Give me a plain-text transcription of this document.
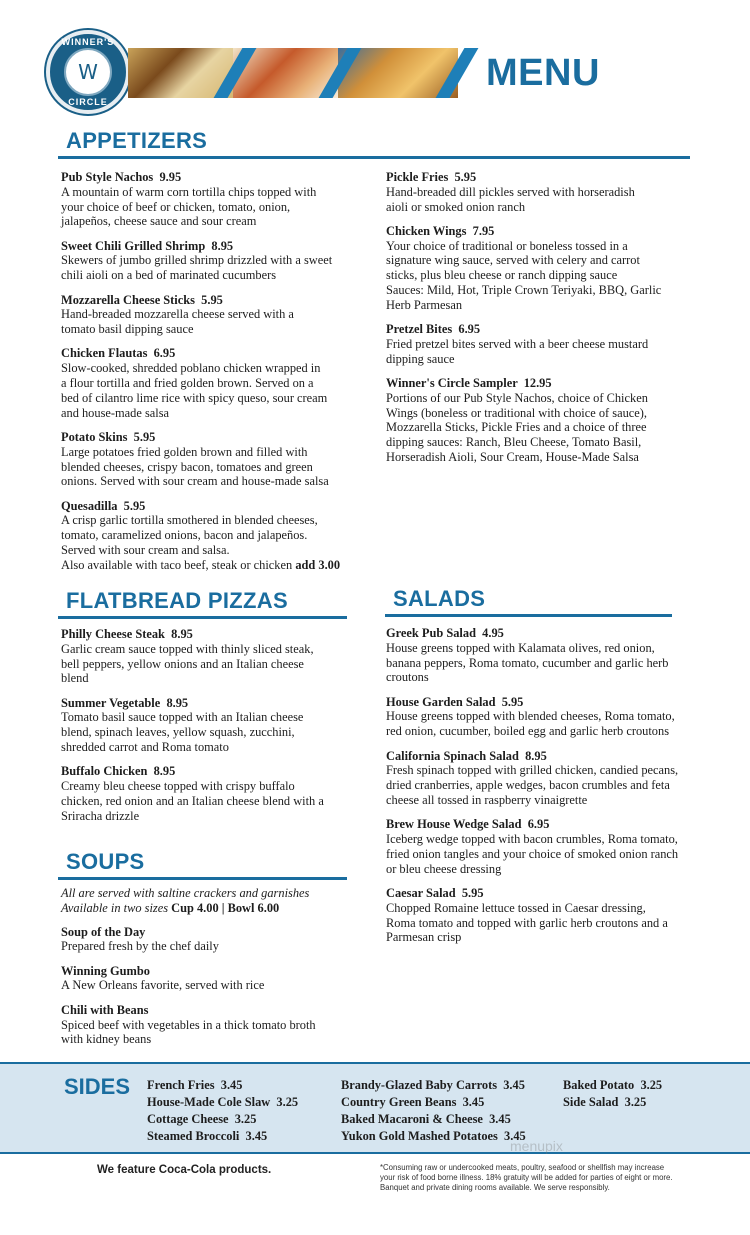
WINNER'S
W
CIRCLE
MENU
APPETIZERS
Pub Style Nachos 9.95
A mountain of warm corn tortilla chips topped with
your choice of beef or chicken, tomato, onion,
jalapeños, cheese sauce and sour cream
Sweet Chili Grilled Shrimp 8.95
Skewers of jumbo grilled shrimp drizzled with a sweet
chili aioli on a bed of marinated cucumbers
Mozzarella Cheese Sticks 5.95
Hand-breaded mozzarella cheese served with a
tomato basil dipping sauce
Chicken Flautas 6.95
Slow-cooked, shredded poblano chicken wrapped in
a flour tortilla and fried golden brown. Served on a
bed of cilantro lime rice with spicy queso, sour cream
and house-made salsa
Potato Skins 5.95
Large potatoes fried golden brown and filled with
blended cheeses, crispy bacon, tomatoes and green
onions. Served with sour cream and house-made salsa
Quesadilla 5.95
A crisp garlic tortilla smothered in blended cheeses,
tomato, caramelized onions, bacon and jalapeños.
Served with sour cream and salsa.
Also available with taco beef, steak or chicken add 3.00
Pickle Fries 5.95
Hand-breaded dill pickles served with horseradish
aioli or smoked onion ranch
Chicken Wings 7.95
Your choice of traditional or boneless tossed in a
signature wing sauce, served with celery and carrot
sticks, plus bleu cheese or ranch dipping sauce
Sauces: Mild, Hot, Triple Crown Teriyaki, BBQ, Garlic
Herb Parmesan
Pretzel Bites 6.95
Fried pretzel bites served with a beer cheese mustard
dipping sauce
Winner's Circle Sampler 12.95
Portions of our Pub Style Nachos, choice of Chicken
Wings (boneless or traditional with choice of sauce),
Mozzarella Sticks, Pickle Fries and a choice of three
dipping sauces: Ranch, Bleu Cheese, Tomato Basil,
Horseradish Aioli, Sour Cream, House-Made Salsa
FLATBREAD PIZZAS
Philly Cheese Steak 8.95
Garlic cream sauce topped with thinly sliced steak,
bell peppers, yellow onions and an Italian cheese
blend
Summer Vegetable 8.95
Tomato basil sauce topped with an Italian cheese
blend, spinach leaves, yellow squash, zucchini,
shredded carrot and Roma tomato
Buffalo Chicken 8.95
Creamy bleu cheese topped with crispy buffalo
chicken, red onion and an Italian cheese blend with a
Sriracha drizzle
SOUPS
All are served with saltine crackers and garnishes
Available in two sizes Cup 4.00 | Bowl 6.00
Soup of the Day
Prepared fresh by the chef daily
Winning Gumbo
A New Orleans favorite, served with rice
Chili with Beans
Spiced beef with vegetables in a thick tomato broth
with kidney beans
SALADS
Greek Pub Salad 4.95
House greens topped with Kalamata olives, red onion,
banana peppers, Roma tomato, cucumber and garlic herb
croutons
House Garden Salad 5.95
House greens topped with blended cheeses, Roma tomato,
red onion, cucumber, boiled egg and garlic herb croutons
California Spinach Salad 8.95
Fresh spinach topped with grilled chicken, candied pecans,
dried cranberries, apple wedges, bacon crumbles and feta
cheese all tossed in raspberry vinaigrette
Brew House Wedge Salad 6.95
Iceberg wedge topped with bacon crumbles, Roma tomato,
fried onion tangles and your choice of smoked onion ranch
or bleu cheese dressing
Caesar Salad 5.95
Chopped Romaine lettuce tossed in Caesar dressing,
Roma tomato and topped with garlic herb croutons and a
Parmesan crisp
SIDES French Fries  3.45
House-Made Cole Slaw  3.25
Cottage Cheese  3.25
Steamed Broccoli  3.45
Brandy-Glazed Baby Carrots  3.45
Country Green Beans  3.45
Baked Macaroni & Cheese  3.45
Yukon Gold Mashed Potatoes  3.45
Baked Potato  3.25
Side Salad  3.25
menupix
We feature Coca-Cola products.	*Consuming raw or undercooked meats, poultry, seafood or shellfish may increase
your risk of food borne illness. 18% gratuity will be added for parties of eight or more.
Banquet and private dining rooms available. We serve responsibly.
